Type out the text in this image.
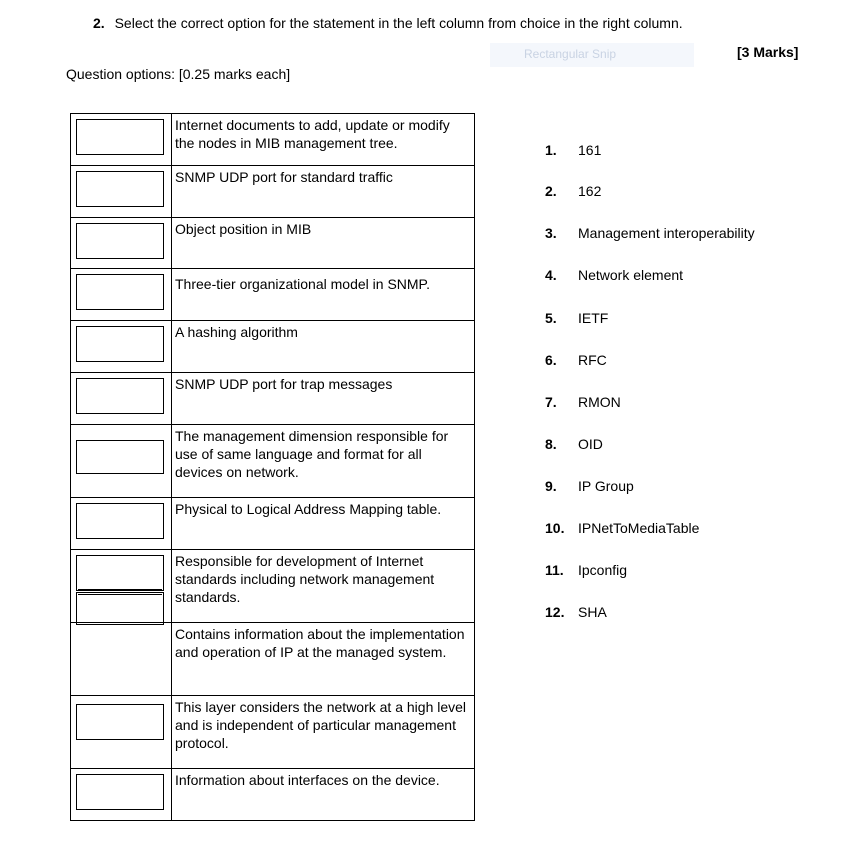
2. Select the correct option for the statement in the left column from choice in the right column.
Rectangular Snip	[3 Marks]
Question options: [0.25 marks each]
	Internet documents to add, update or modify the nodes in MIB management tree.

	SNMP UDP port for standard traffic

	Object position in MIB

	Three-tier organizational model in SNMP.

	A hashing algorithm

	SNMP UDP port for trap messages

	The management dimension responsible for use of same language and format for all devices on network.

	Physical to Logical Address Mapping table.

	Responsible for development of Internet standards including network management standards.
	Contains information about the implementation and operation of IP at the managed system.

	This layer considers the network at a high level and is independent of particular management protocol.

	Information about interfaces on the device.
1. 161
2. 162
3. Management interoperability
4. Network element
5. IETF
6. RFC
7. RMON
8. OID
9. IP Group
10. IPNetToMediaTable
11. Ipconfig
12. SHA
